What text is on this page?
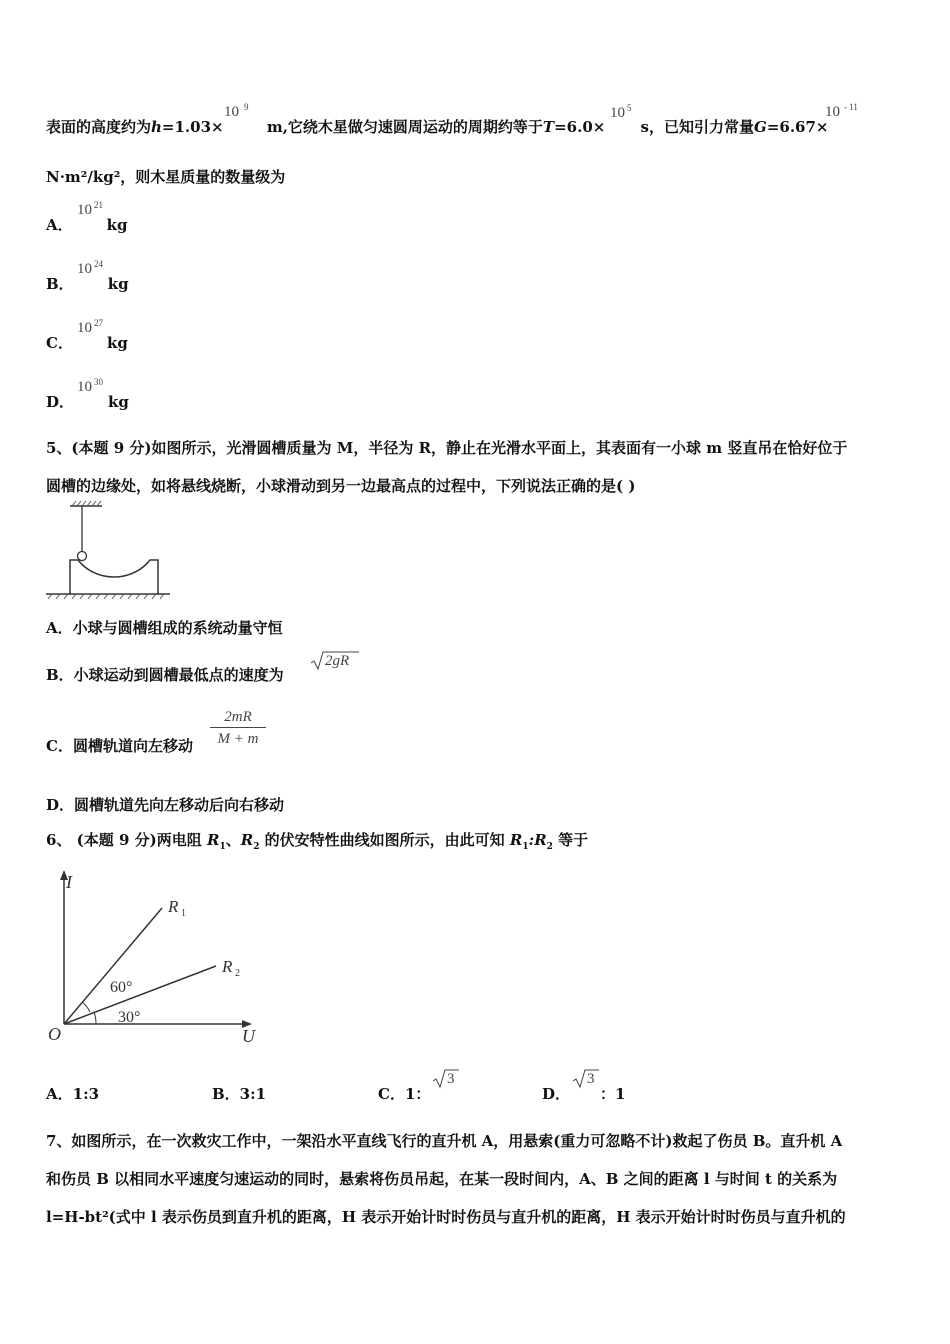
表面的高度约为h=1.03×	m,它绕木星做匀速圆周运动的周期约等于T=6.0× s，已知引力常量G=6.67×
10 9	10 5	10 - 11
N·m²/kg²，则木星质量的数量级为
A． kg
10 21
B． kg
10 24
C． kg
10 27
D． kg
10 30
5、(本题 9 分)如图所示，光滑圆槽质量为 M，半径为 R，静止在光滑水平面上，其表面有一小球 m 竖直吊在恰好位于
圆槽的边缘处，如将悬线烧断，小球滑动到另一边最高点的过程中，下列说法正确的是( )
A．小球与圆槽组成的系统动量守恒
B．小球运动到圆槽最低点的速度为
2gR
C．圆槽轨道向左移动
2mR
M + m
D．圆槽轨道先向左移动后向右移动
6、 (本题 9 分)两电阻 $R_1$、$R_2$ 的伏安特性曲线如图所示，由此可知 $R_1:R_2$ 等于
I
U
O
R 1
R 2
60°
30°
A．1:3	B．3:1	C．1：
3
D．
3
：1
7、如图所示，在一次救灾工作中，一架沿水平直线飞行的直升机 A，用悬索(重力可忽略不计)救起了伤员 B。直升机 A
和伤员 B 以相同水平速度匀速运动的同时，悬索将伤员吊起，在某一段时间内，A、B 之间的距离 l 与时间 t 的关系为
l=H-bt²(式中 l 表示伤员到直升机的距离，H 表示开始计时时伤员与直升机的距离，H 表示开始计时时伤员与直升机的
